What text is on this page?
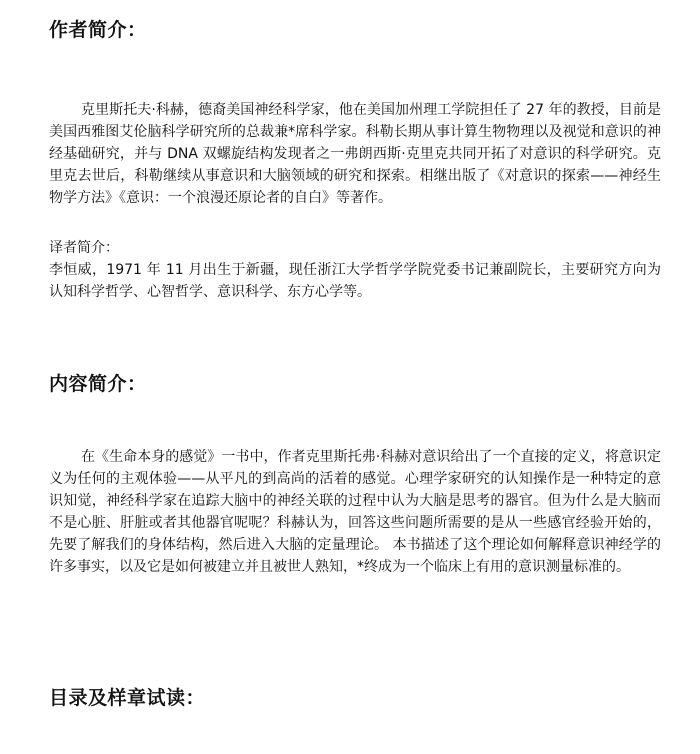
作者简介：

克里斯托夫·科赫，德裔美国神经科学家，他在美国加州理工学院担任了 27 年的教授，目前是美国西雅图艾伦脑科学研究所的总裁兼*席科学家。科勒长期从事计算生物物理以及视觉和意识的神经基础研究，并与 DNA 双螺旋结构发现者之一弗朗西斯·克里克共同开拓了对意识的科学研究。克里克去世后，科勒继续从事意识和大脑领域的研究和探索。相继出版了《对意识的探索——神经生物学方法》《意识：一个浪漫还原论者的自白》等著作。

译者简介：

李恒威，1971 年 11 月出生于新疆，现任浙江大学哲学学院党委书记兼副院长，主要研究方向为认知科学哲学、心智哲学、意识科学、东方心学等。

内容简介：

在《生命本身的感觉》一书中，作者克里斯托弗·科赫对意识给出了一个直接的定义，将意识定义为任何的主观体验——从平凡的到高尚的活着的感觉。心理学家研究的认知操作是一种特定的意识知觉，神经科学家在追踪大脑中的神经关联的过程中认为大脑是思考的器官。但为什么是大脑而不是心脏、肝脏或者其他器官呢呢？科赫认为，回答这些问题所需要的是从一些感官经验开始的，先要了解我们的身体结构，然后进入大脑的定量理论。 本书描述了这个理论如何解释意识神经学的许多事实，以及它是如何被建立并且被世人熟知，*终成为一个临床上有用的意识测量标准的。

目录及样章试读：
